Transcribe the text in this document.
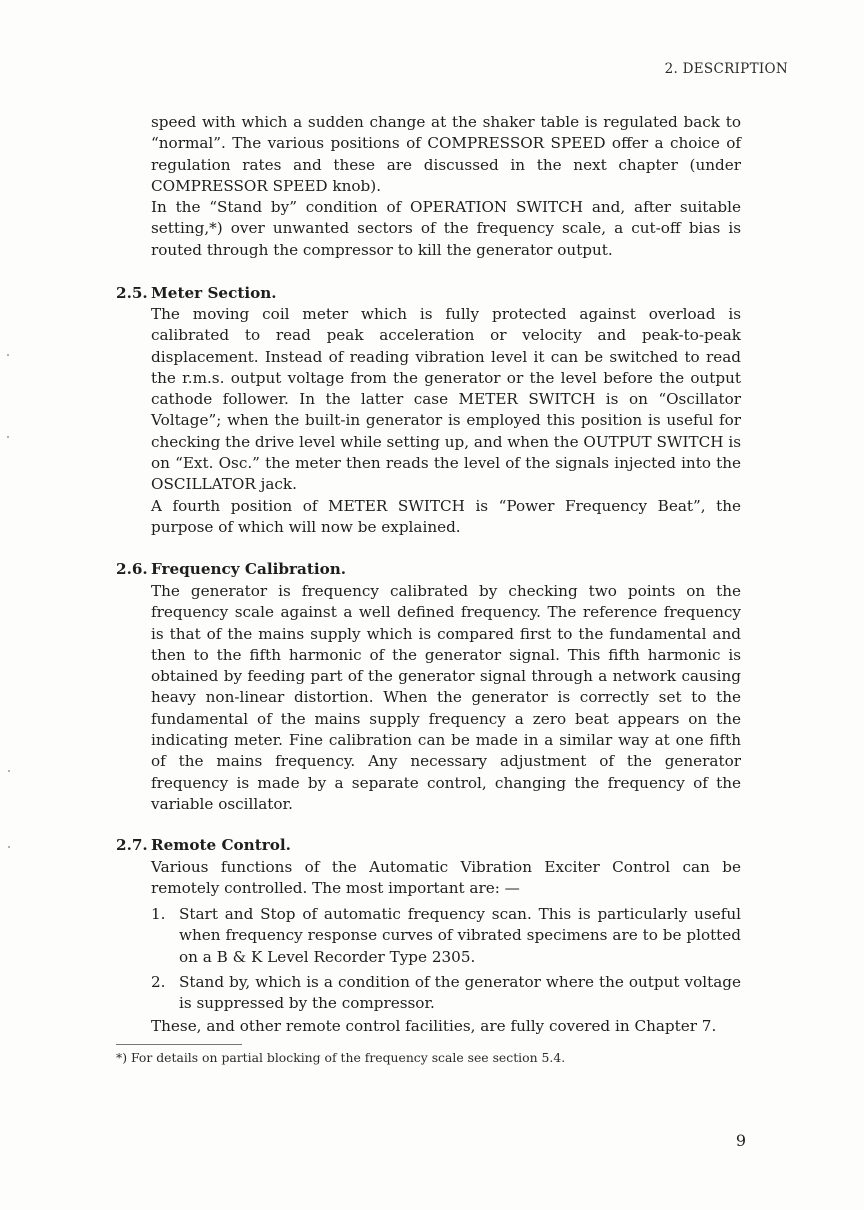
2. DESCRIPTION

speed with which a sudden change at the shaker table is regulated back to “normal”. The various positions of COMPRESSOR SPEED offer a choice of regulation rates and these are discussed in the next chapter (under COMPRESSOR SPEED knob).

In the “Stand by” condition of OPERATION SWITCH and, after suitable setting,*) over unwanted sectors of the frequency scale, a cut-off bias is routed through the compressor to kill the generator output.

2.5. Meter Section.

The moving coil meter which is fully protected against overload is calibrated to read peak acceleration or velocity and peak-to-peak displacement. Instead of reading vibration level it can be switched to read the r.m.s. output voltage from the generator or the level before the output cathode follower. In the latter case METER SWITCH is on “Oscillator Voltage”; when the built-in generator is employed this position is useful for checking the drive level while setting up, and when the OUTPUT SWITCH is on “Ext. Osc.” the meter then reads the level of the signals injected into the OSCILLATOR jack.

A fourth position of METER SWITCH is “Power Frequency Beat”, the purpose of which will now be explained.

2.6. Frequency Calibration.

The generator is frequency calibrated by checking two points on the frequency scale against a well defined frequency. The reference frequency is that of the mains supply which is compared first to the fundamental and then to the fifth harmonic of the generator signal. This fifth harmonic is obtained by feeding part of the generator signal through a network causing heavy non-linear distortion. When the generator is correctly set to the fundamental of the mains supply frequency a zero beat appears on the indicating meter. Fine calibration can be made in a similar way at one fifth of the mains frequency. Any necessary adjustment of the generator frequency is made by a separate control, changing the frequency of the variable oscillator.

2.7. Remote Control.

Various functions of the Automatic Vibration Exciter Control can be remotely controlled. The most important are: —

1. Start and Stop of automatic frequency scan. This is particularly useful when frequency response curves of vibrated specimens are to be plotted on a B & K Level Recorder Type 2305.
2. Stand by, which is a condition of the generator where the output voltage is suppressed by the compressor.

These, and other remote control facilities, are fully covered in Chapter 7.

*) For details on partial blocking of the frequency scale see section 5.4.
9
